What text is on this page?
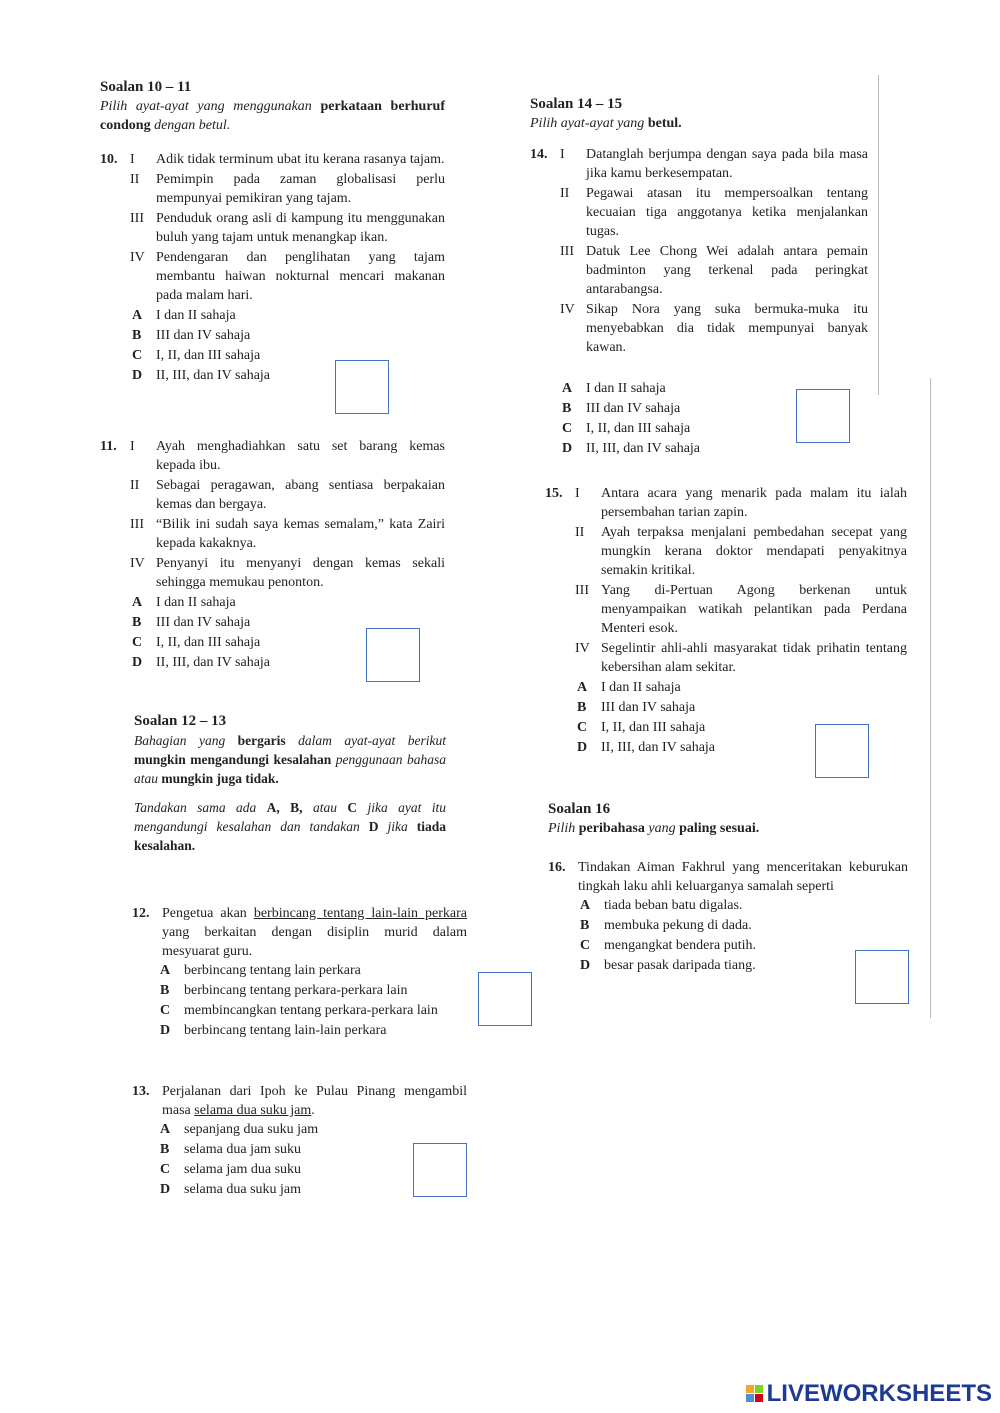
Soalan 10 – 11
Pilih ayat-ayat yang menggunakan perkataan berhuruf condong dengan betul.
10. I	Adik tidak terminum ubat itu kerana rasanya tajam.
II	Pemimpin pada zaman globalisasi perlu mempunyai pemikiran yang tajam.
III Penduduk orang asli di kampung itu menggunakan buluh yang tajam untuk menangkap ikan.
IV Pendengaran dan penglihatan yang tajam membantu haiwan nokturnal mencari makanan pada malam hari.
A I dan II sahaja
B	III dan IV sahaja
C I, II, dan III sahaja
D II, III, dan IV sahaja
11. I	Ayah menghadiahkan satu set barang kemas kepada ibu.
II	Sebagai peragawan, abang sentiasa berpakaian kemas dan bergaya.
III “Bilik ini sudah saya kemas semalam,” kata Zairi kepada kakaknya.
IV Penyanyi itu menyanyi dengan kemas sekali sehingga memukau penonton.
A I dan II sahaja
B	III dan IV sahaja
C I, II, dan III sahaja
D II, III, dan IV sahaja
Soalan 12 – 13
Bahagian yang bergaris dalam ayat-ayat berikut mungkin mengandungi kesalahan penggunaan bahasa atau mungkin juga tidak.
Tandakan sama ada A, B, atau C jika ayat itu mengandungi kesalahan dan tandakan D jika tiada kesalahan.
12. Pengetua akan berbincang tentang lain-lain perkara yang berkaitan dengan disiplin murid dalam mesyuarat guru.
A berbincang tentang lain perkara
B	berbincang tentang perkara-perkara lain
C membincangkan tentang perkara-perkara lain
D berbincang tentang lain-lain perkara
13. Perjalanan dari Ipoh ke Pulau Pinang mengambil masa selama dua suku jam.
A sepanjang dua suku jam
B	selama dua jam suku
C selama jam dua suku
D selama dua suku jam
Soalan 14 – 15
Pilih ayat-ayat yang betul.
14. I	Datanglah berjumpa dengan saya pada bila masa jika kamu berkesempatan.
II	Pegawai atasan itu mempersoalkan tentang kecuaian tiga anggotanya ketika menjalankan tugas.
III Datuk Lee Chong Wei adalah antara pemain badminton yang terkenal pada peringkat antarabangsa.
IV Sikap Nora yang suka bermuka-muka itu menyebabkan dia tidak mempunyai banyak kawan.
A I dan II sahaja
B	III dan IV sahaja
C I, II, dan III sahaja
D II, III, dan IV sahaja
15. I	Antara acara yang menarik pada malam itu ialah persembahan tarian zapin.
II	Ayah terpaksa menjalani pembedahan secepat yang mungkin kerana doktor mendapati penyakitnya semakin kritikal.
III Yang di-Pertuan Agong berkenan untuk menyampaikan watikah pelantikan pada Perdana Menteri esok.
IV Segelintir ahli-ahli masyarakat tidak prihatin tentang kebersihan alam sekitar.
A I dan II sahaja
B	III dan IV sahaja
C I, II, dan III sahaja
D II, III, dan IV sahaja
Soalan 16
Pilih peribahasa yang paling sesuai.
16. Tindakan Aiman Fakhrul yang menceritakan keburukan tingkah laku ahli keluarganya samalah seperti
A tiada beban batu digalas.
B	membuka pekung di dada.
C mengangkat bendera putih.
D besar pasak daripada tiang.
LIVEWORKSHEETS
